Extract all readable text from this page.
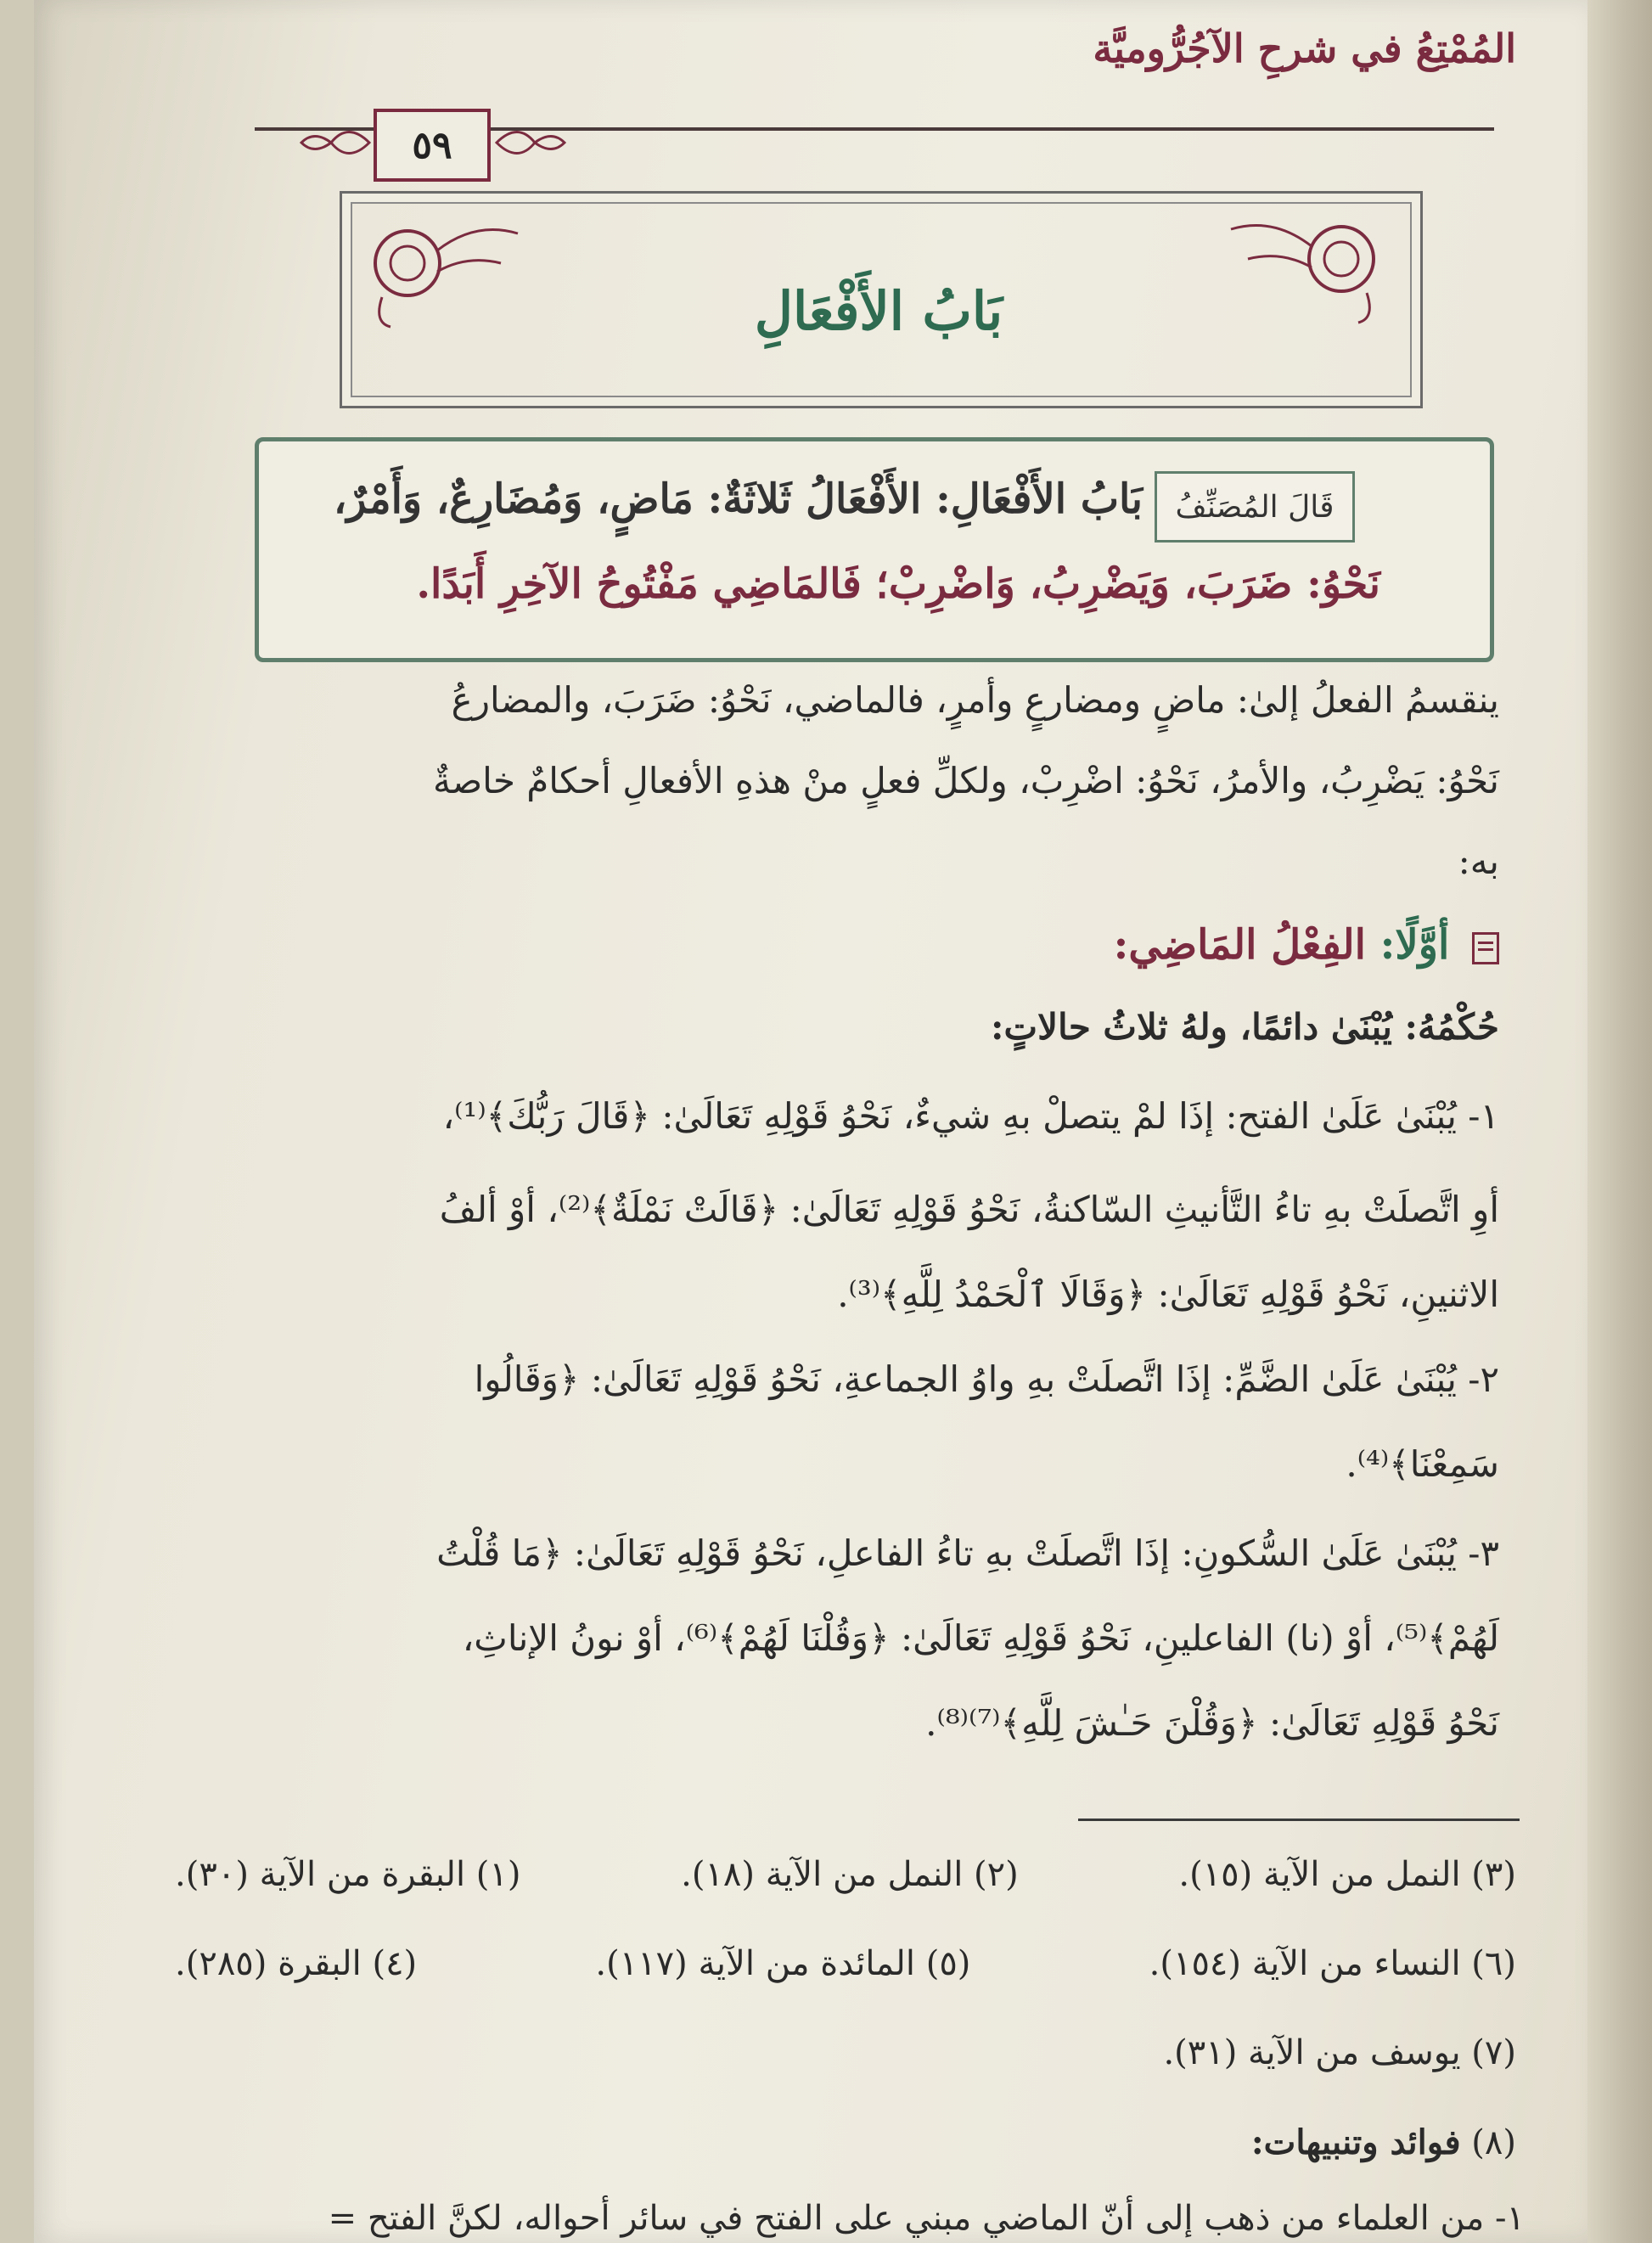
المُمْتِعُ في شرحِ الآجُرُّوميَّة
٥٩
بَابُ الأَفْعَالِ
قَالَ المُصَنِّفُ
بَابُ الأَفْعَالِ: الأَفْعَالُ ثَلاثَةٌ: مَاضٍ، وَمُضَارِعٌ، وَأَمْرٌ،
نَحْوُ: ضَرَبَ، وَيَضْرِبُ، وَاضْرِبْ؛ فَالمَاضِي مَفْتُوحُ الآخِرِ أَبَدًا.
ينقسمُ الفعلُ إلىٰ: ماضٍ ومضارعٍ وأمرٍ، فالماضي، نَحْوُ: ضَرَبَ، والمضارعُ
نَحْوُ: يَضْرِبُ، والأمرُ، نَحْوُ: اضْرِبْ، ولكلِّ فعلٍ منْ هذهِ الأفعالِ أحكامٌ خاصةٌ
به:
أوَّلًا: الفِعْلُ المَاضِي:
حُكْمُهُ: يُبْنَىٰ دائمًا، ولهُ ثلاثُ حالاتٍ:
١- يُبْنَىٰ عَلَىٰ الفتح: إذَا لمْ يتصلْ بهِ شيءٌ، نَحْوُ قَوْلِهِ تَعَالَىٰ: ﴿قَالَ رَبُّكَ﴾⁽¹⁾،
أوِ اتَّصلَتْ بهِ تاءُ التَّأنيثِ السّاكنةُ، نَحْوُ قَوْلِهِ تَعَالَىٰ: ﴿قَالَتْ نَمْلَةٌ﴾⁽²⁾، أوْ ألفُ
الاثنينِ، نَحْوُ قَوْلِهِ تَعَالَىٰ: ﴿وَقَالَا ٱلْحَمْدُ لِلَّهِ﴾⁽³⁾.
٢- يُبْنَىٰ عَلَىٰ الضَّمِّ: إذَا اتَّصلَتْ بهِ واوُ الجماعةِ، نَحْوُ قَوْلِهِ تَعَالَىٰ: ﴿وَقَالُوا
سَمِعْنَا﴾⁽⁴⁾.
٣- يُبْنَىٰ عَلَىٰ السُّكونِ: إذَا اتَّصلَتْ بهِ تاءُ الفاعلِ، نَحْوُ قَوْلِهِ تَعَالَىٰ: ﴿مَا قُلْتُ
لَهُمْ﴾⁽⁵⁾، أوْ (نا) الفاعلينِ، نَحْوُ قَوْلِهِ تَعَالَىٰ: ﴿وَقُلْنَا لَهُمْ﴾⁽⁶⁾، أوْ نونُ الإناثِ،
نَحْوُ قَوْلِهِ تَعَالَىٰ: ﴿وَقُلْنَ حَـٰشَ لِلَّهِ﴾⁽⁷⁾⁽⁸⁾.
(١) البقرة من الآية (٣٠).	(٢) النمل من الآية (١٨).	(٣) النمل من الآية (١٥).
(٤) البقرة (٢٨٥).	(٥) المائدة من الآية (١١٧).	(٦) النساء من الآية (١٥٤).
(٧) يوسف من الآية (٣١).
(٨) فوائد وتنبيهات:
١- من العلماء من ذهب إلى أنّ الماضي مبني على الفتح في سائر أحواله، لكنَّ الفتح =
